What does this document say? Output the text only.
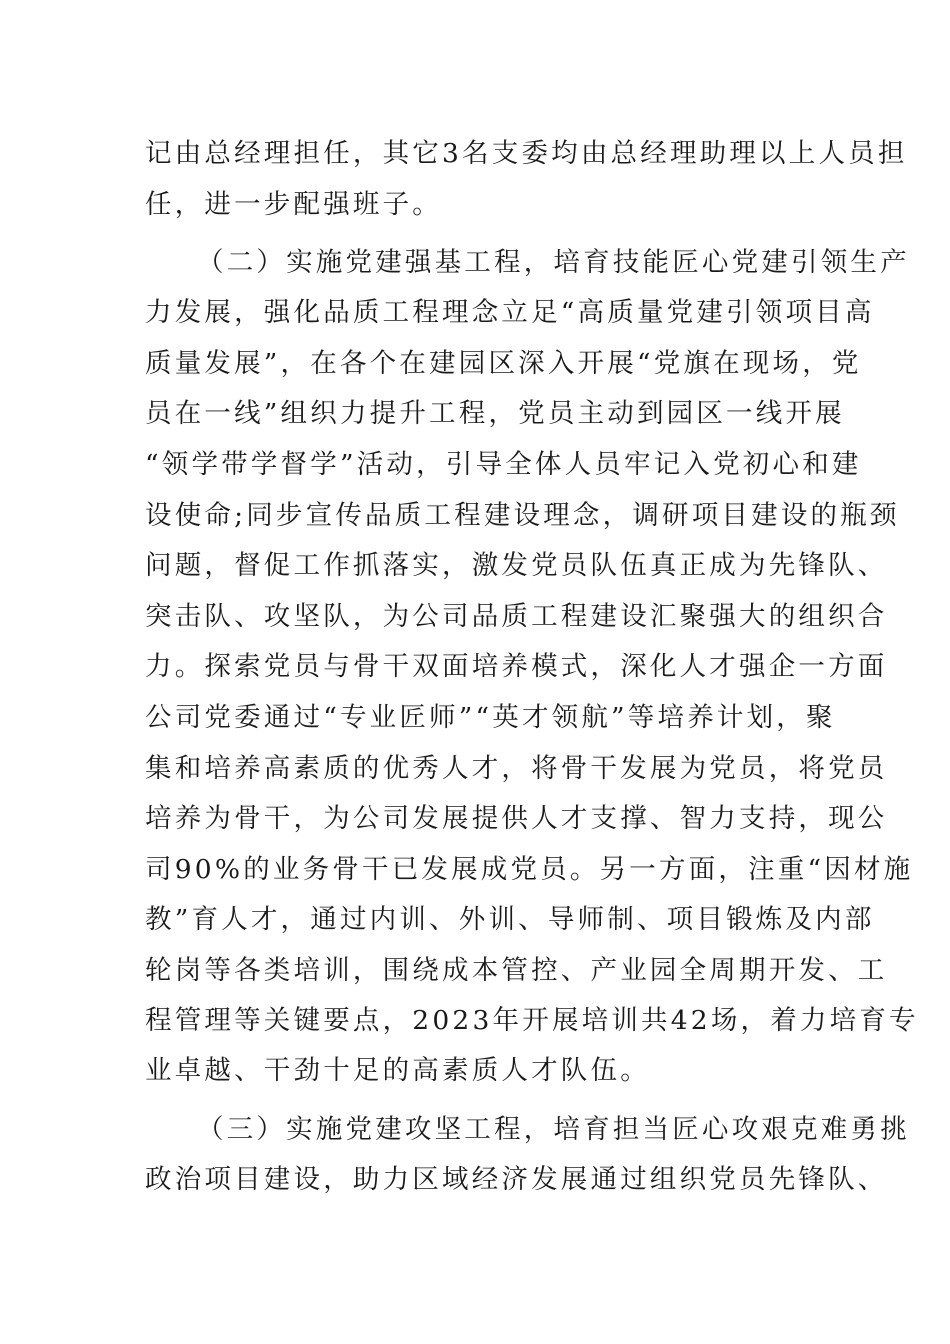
记由总经理担任，其它3名支委均由总经理助理以上人员担
任，进一步配强班子。
（二）实施党建强基工程，培育技能匠心党建引领生产
力发展，强化品质工程理念立足“高质量党建引领项目高
质量发展”，在各个在建园区深入开展“党旗在现场，党
员在一线”组织力提升工程，党员主动到园区一线开展
“领学带学督学”活动，引导全体人员牢记入党初心和建
设使命;同步宣传品质工程建设理念，调研项目建设的瓶颈
问题，督促工作抓落实，激发党员队伍真正成为先锋队、
突击队、攻坚队，为公司品质工程建设汇聚强大的组织合
力。探索党员与骨干双面培养模式，深化人才强企一方面
公司党委通过“专业匠师”“英才领航”等培养计划，聚
集和培养高素质的优秀人才，将骨干发展为党员，将党员
培养为骨干，为公司发展提供人才支撑、智力支持，现公
司90%的业务骨干已发展成党员。另一方面，注重“因材施
教”育人才，通过内训、外训、导师制、项目锻炼及内部
轮岗等各类培训，围绕成本管控、产业园全周期开发、工
程管理等关键要点，2023年开展培训共42场，着力培育专
业卓越、干劲十足的高素质人才队伍。
（三）实施党建攻坚工程，培育担当匠心攻艰克难勇挑
政治项目建设，助力区域经济发展通过组织党员先锋队、
